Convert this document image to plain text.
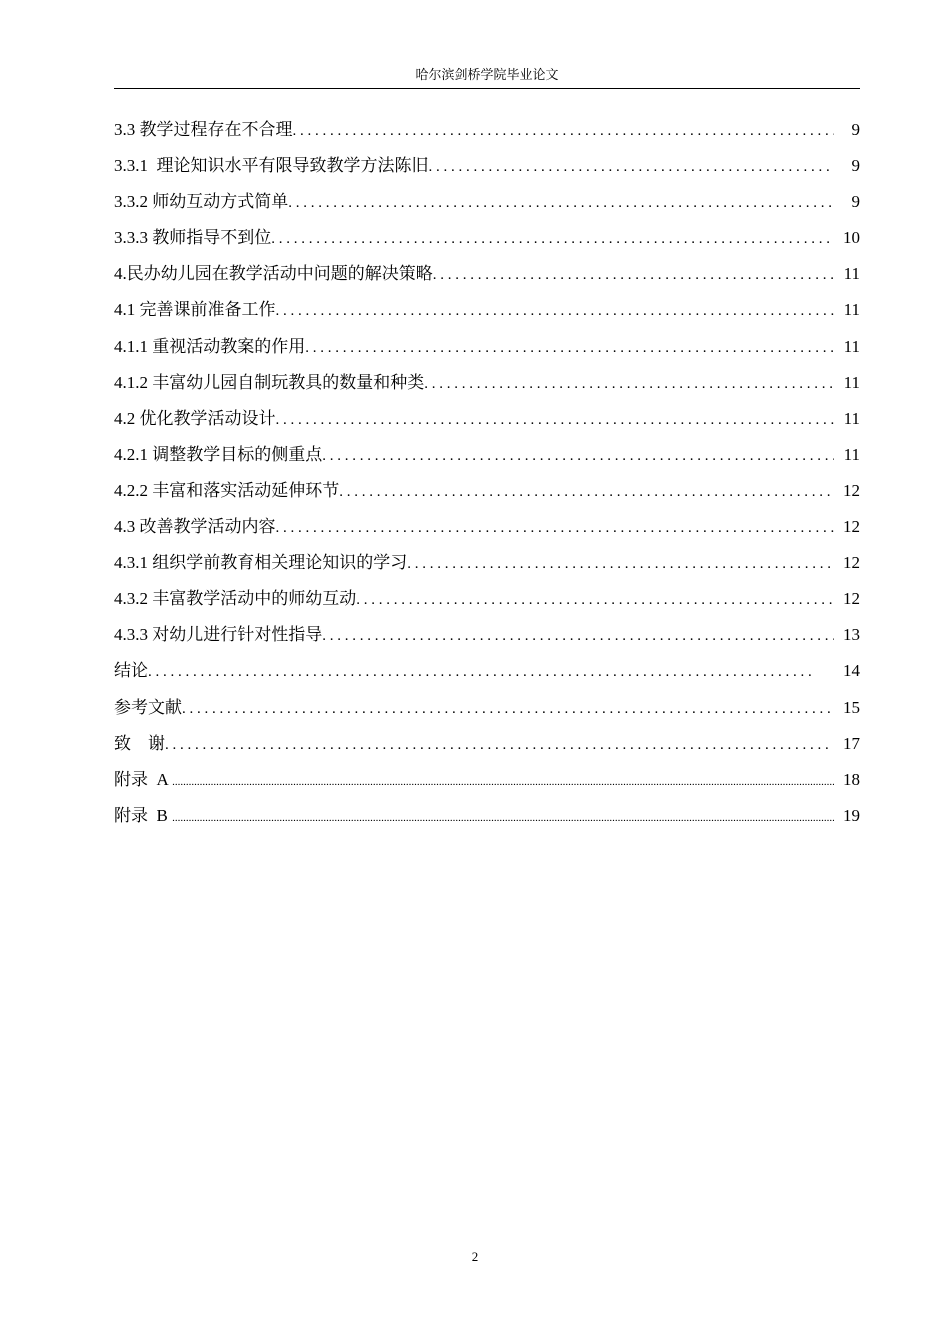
哈尔滨剑桥学院毕业论文
3.3 教学过程存在不合理 . . .	9
3.3.1  理论知识水平有限导致教学方法陈旧 . . .	9
3.3.2 师幼互动方式简单 . . .	9
3.3.3 教师指导不到位 . . .	10
4.民办幼儿园在教学活动中问题的解决策略 . . .	11
4.1 完善课前准备工作 . . .	11
4.1.1 重视活动教案的作用 . . .	11
4.1.2 丰富幼儿园自制玩教具的数量和种类 . . .	11
4.2 优化教学活动设计 . . .	11
4.2.1 调整教学目标的侧重点 . . .	11
4.2.2 丰富和落实活动延伸环节 . . .	12
4.3 改善教学活动内容 . . .	12
4.3.1 组织学前教育相关理论知识的学习 . . .	12
4.3.2 丰富教学活动中的师幼互动 . . .	12
4.3.3 对幼儿进行针对性指导 . . .	13
结论 . . .	14
参考文献 . . .	15
致    谢 . . .	17
附录  A .....	18
附录  B .....	19
2
